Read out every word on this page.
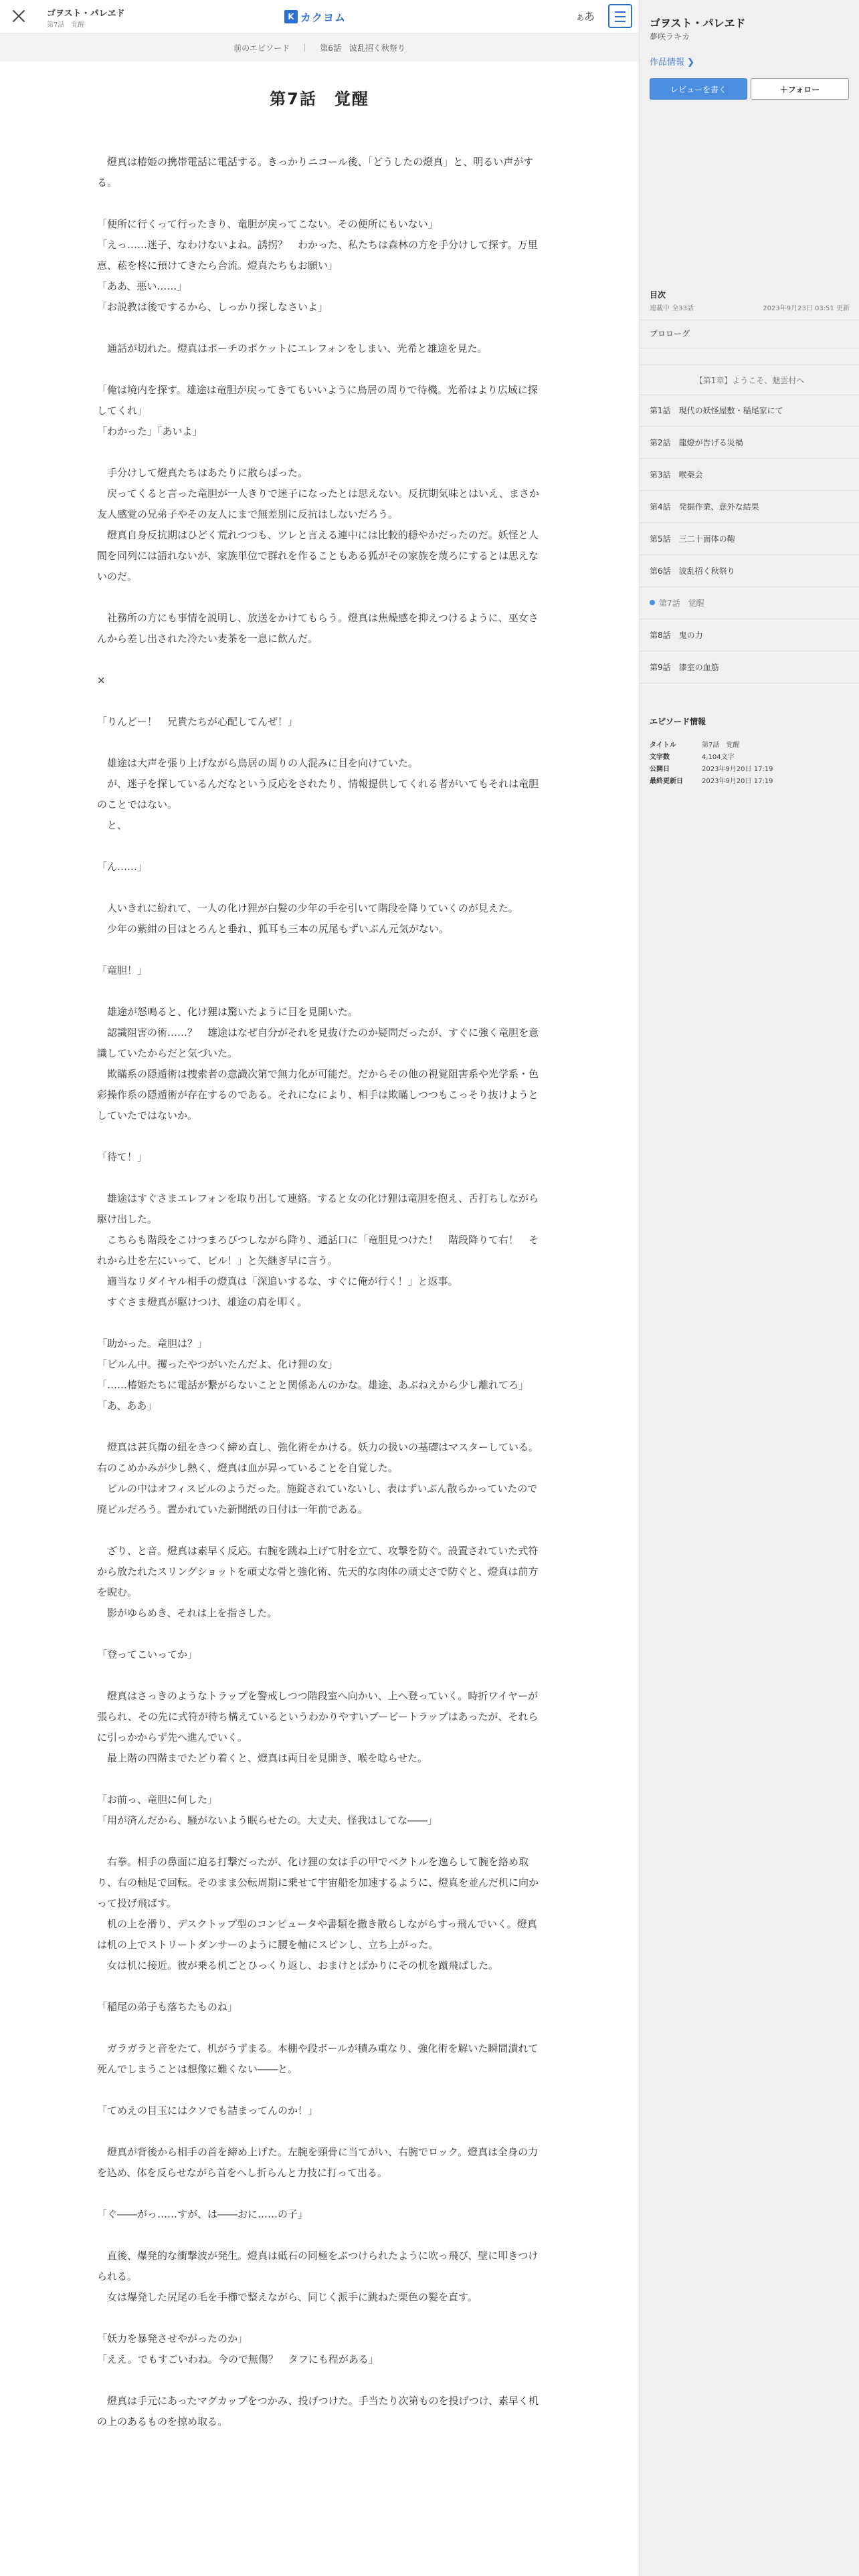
ゴヲスト・パレヱド
第7話　覚醒
K カクヨム	ああ
前のエピソード	第6話　波乱招く秋祭り
第7話　覚醒

　燈真は椿姫の携帯電話に電話する。きっかりニコール後、「どうしたの燈真」と、明るい声がする。

「便所に行くって行ったきり、竜胆が戻ってこない。その便所にもいない」

「えっ……迷子、なわけないよね。誘拐？　わかった、私たちは森林の方を手分けして探す。万里恵、菘を柊に預けてきたら合流。燈真たちもお願い」

「ああ、悪い……」

「お説教は後でするから、しっかり探しなさいよ」

　通話が切れた。燈真はポーチのポケットにエレフォンをしまい、光希と雄途を見た。

「俺は境内を探す。雄途は竜胆が戻ってきてもいいように鳥居の周りで待機。光希はより広域に探してくれ」

「わかった」「あいよ」

　手分けして燈真たちはあたりに散らばった。

　戻ってくると言った竜胆が一人きりで迷子になったとは思えない。反抗期気味とはいえ、まさか友人感覚の兄弟子やその友人にまで無差別に反抗はしないだろう。

　燈真自身反抗期はひどく荒れつつも、ツレと言える連中には比較的穏やかだったのだ。妖怪と人間を同列には語れないが、家族単位で群れを作ることもある狐がその家族を蔑ろにするとは思えないのだ。

　社務所の方にも事情を説明し、放送をかけてもらう。燈真は焦燥感を抑えつけるように、巫女さんから差し出された冷たい麦茶を一息に飲んだ。

×

「りんどー！　兄貴たちが心配してんぜ！」

　雄途は大声を張り上げながら鳥居の周りの人混みに目を向けていた。

　が、迷子を探しているんだなという反応をされたり、情報提供してくれる者がいてもそれは竜胆のことではない。

　と、

「ん……」

　人いきれに紛れて、一人の化け狸が白髪の少年の手を引いて階段を降りていくのが見えた。

　少年の紫紺の目はとろんと垂れ、狐耳も三本の尻尾もずいぶん元気がない。

「竜胆！」

　雄途が怒鳴ると、化け狸は驚いたように目を見開いた。

　認識阻害の術……？　雄途はなぜ自分がそれを見抜けたのか疑問だったが、すぐに強く竜胆を意識していたからだと気づいた。

　欺瞞系の隠遁術は捜索者の意識次第で無力化が可能だ。だからその他の視覚阻害系や光学系・色彩操作系の隠遁術が存在するのである。それになにより、相手は欺瞞しつつもこっそり抜けようとしていたではないか。

「待て！」

　雄途はすぐさまエレフォンを取り出して連絡。すると女の化け狸は竜胆を抱え、舌打ちしながら駆け出した。

　こちらも階段をこけつまろびつしながら降り、通話口に「竜胆見つけた！　階段降りて右！　それから辻を左にいって、ビル！」と矢継ぎ早に言う。

　適当なリダイヤル相手の燈真は「深追いするな、すぐに俺が行く！」と返事。

　すぐさま燈真が駆けつけ、雄途の肩を叩く。

「助かった。竜胆は？」

「ビルん中。攫ったやつがいたんだよ、化け狸の女」

「……椿姫たちに電話が繋がらないことと関係あんのかな。雄途、あぶねえから少し離れてろ」

「あ、ああ」

　燈真は甚兵衛の紐をきつく締め直し、強化術をかける。妖力の扱いの基礎はマスターしている。右のこめかみが少し熱く、燈真は血が昇っていることを自覚した。

　ビルの中はオフィスビルのようだった。施錠されていないし、表はずいぶん散らかっていたので廃ビルだろう。置かれていた新聞紙の日付は一年前である。

　ざり、と音。燈真は素早く反応。右腕を跳ね上げて肘を立て、攻撃を防ぐ。設置されていた式符から放たれたスリングショットを頑丈な骨と強化術、先天的な肉体の頑丈さで防ぐと、燈真は前方を睨む。

　影がゆらめき、それは上を指さした。

「登ってこいってか」

　燈真はさっきのようなトラップを警戒しつつ階段室へ向かい、上へ登っていく。時折ワイヤーが張られ、その先に式符が待ち構えているというわかりやすいブービートラップはあったが、それらに引っかからず先へ進んでいく。

　最上階の四階までたどり着くと、燈真は両目を見開き、喉を唸らせた。

「お前っ、竜胆に何した」

「用が済んだから、騒がないよう眠らせたの。大丈夫、怪我はしてな――」

　右拳。相手の鼻面に迫る打撃だったが、化け狸の女は手の甲でベクトルを逸らして腕を絡め取り、右の軸足で回転。そのまま公転周期に乗せて宇宙船を加速するように、燈真を並んだ机に向かって投げ飛ばす。

　机の上を滑り、デスクトップ型のコンピュータや書類を撒き散らしながらすっ飛んでいく。燈真は机の上でストリートダンサーのように腰を軸にスピンし、立ち上がった。

　女は机に接近。彼が乗る机ごとひっくり返し、おまけとばかりにその机を蹴飛ばした。

「稲尾の弟子も落ちたものね」

　ガラガラと音をたて、机がうずまる。本棚や段ボールが積み重なり、強化術を解いた瞬間潰れて死んでしまうことは想像に難くない――と。

「てめえの目玉にはクソでも詰まってんのか！」

　燈真が背後から相手の首を締め上げた。左腕を頸骨に当てがい、右腕でロック。燈真は全身の力を込め、体を反らせながら首をへし折らんと力技に打って出る。

「ぐ――がっ……すが、は――おに……の子」

　直後、爆発的な衝撃波が発生。燈真は砥石の同極をぶつけられたように吹っ飛び、壁に叩きつけられる。

　女は爆発した尻尾の毛を手櫛で整えながら、同じく派手に跳ねた栗色の髪を直す。

「妖力を暴発させやがったのか」

「ええ。でもすごいわね。今ので無傷？　タフにも程がある」

　燈真は手元にあったマグカップをつかみ、投げつけた。手当たり次第ものを投げつけ、素早く机の上のあるものを掠め取る。

ゴヲスト・パレヱド
夢咲ラキカ
作品情報 ❯
レビューを書く	＋フォロー
目次
連載中 全33話	2023年9月23日 03:51 更新
プロローグ
【第1章】ようこそ、魅雲村へ
第1話　現代の妖怪屋敷・稲尾家にて
第2話　龍燈が告げる災禍
第3話　喉薬会
第4話　発掘作業、意外な結果
第5話　三二十面体の鞄
第6話　波乱招く秋祭り
第7話　覚醒
第8話　鬼の力
第9話　漆室の血筋
エピソード情報
タイトル	第7話　覚醒
文字数	4,104文字
公開日	2023年9月20日 17:19
最終更新日	2023年9月20日 17:19
